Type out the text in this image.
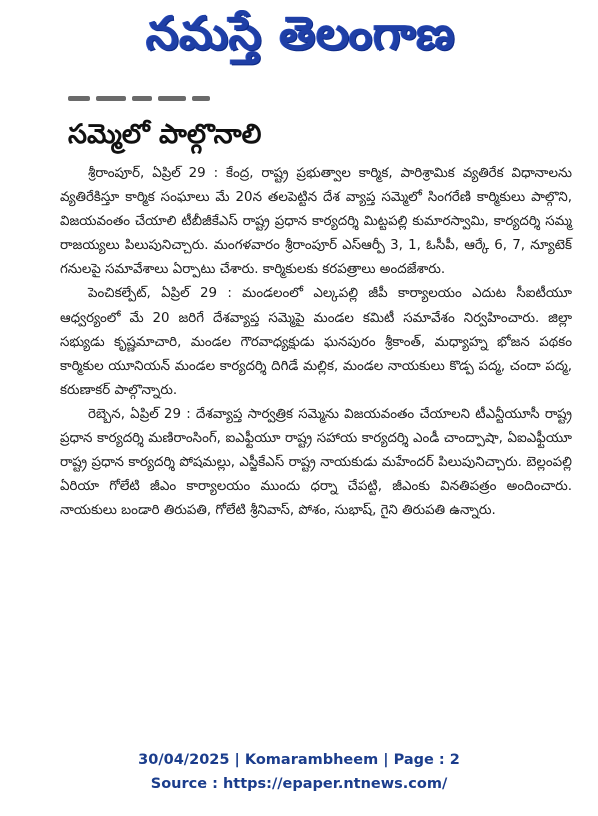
నమస్తే తెలంగాణ
సమ్మెలో పాల్గొనాలి

శ్రీరాంపూర్, ఏప్రిల్ 29 : కేంద్ర, రాష్ట్ర ప్రభుత్వాల కార్మిక, పారిశ్రామిక వ్యతిరేక విధానాలను వ్యతిరేకిస్తూ కార్మిక సంఘాలు మే 20న తలపెట్టిన దేశ వ్యాప్త సమ్మెలో సింగరేణి కార్మికులు పాల్గొని, విజయవంతం చేయాలి టీబీజీకేఎస్ రాష్ట్ర ప్రధాన కార్యదర్శి మిట్టపల్లి కుమారస్వామి, కార్యదర్శి సమ్మ రాజయ్యలు పిలుపునిచ్చారు. మంగళవారం శ్రీరాంపూర్ ఎస్ఆర్పీ 3, 1, ఓసీపీ, ఆర్కే 6, 7, న్యూటెక్ గనులపై సమావేశాలు ఏర్పాటు చేశారు. కార్మికులకు కరపత్రాలు అందజేశారు.

పెంచికల్పేట్, ఏప్రిల్ 29 : మండలంలో ఎల్కపల్లి జీపీ కార్యాలయం ఎదుట సీఐటీయూ ఆధ్వర్యంలో మే 20 జరిగే దేశవ్యాప్త సమ్మెపై మండల కమిటీ సమావేశం నిర్వహించారు. జిల్లా సభ్యుడు కృష్ణమాచారి, మండల గౌరవాధ్యక్షుడు ఘనపురం శ్రీకాంత్, మధ్యాహ్న భోజన పథకం కార్మికుల యూనియన్ మండల కార్యదర్శి దిగిడే మల్లిక, మండల నాయకులు కొడ్ప పద్మ, చందా పద్మ, కరుణాకర్ పాల్గొన్నారు.

రెబ్బెన, ఏప్రిల్ 29 : దేశవ్యాప్త సార్వత్రిక సమ్మెను విజయవంతం చేయాలని టీఎన్టీయూసీ రాష్ట్ర ప్రధాన కార్యదర్శి మణిరాంసింగ్, ఐఎఫ్టీయూ రాష్ట్ర సహాయ కార్యదర్శి ఎండీ చాంద్పాషా, ఏఐఎఫ్టీయూ రాష్ట్ర ప్రధాన కార్యదర్శి పోషమల్లు, ఎస్జీకేఎస్ రాష్ట్ర నాయకుడు మహేందర్ పిలుపునిచ్చారు. బెల్లంపల్లి ఏరియా గోలేటి జీఎం కార్యాలయం ముందు ధర్నా చేపట్టి, జీఎంకు వినతిపత్రం అందించారు. నాయకులు బండారి తిరుపతి, గోలేటి శ్రీనివాస్, పోశం, సుభాష్, గైని తిరుపతి ఉన్నారు.

30/04/2025 | Komarambheem | Page : 2
Source : https://epaper.ntnews.com/
